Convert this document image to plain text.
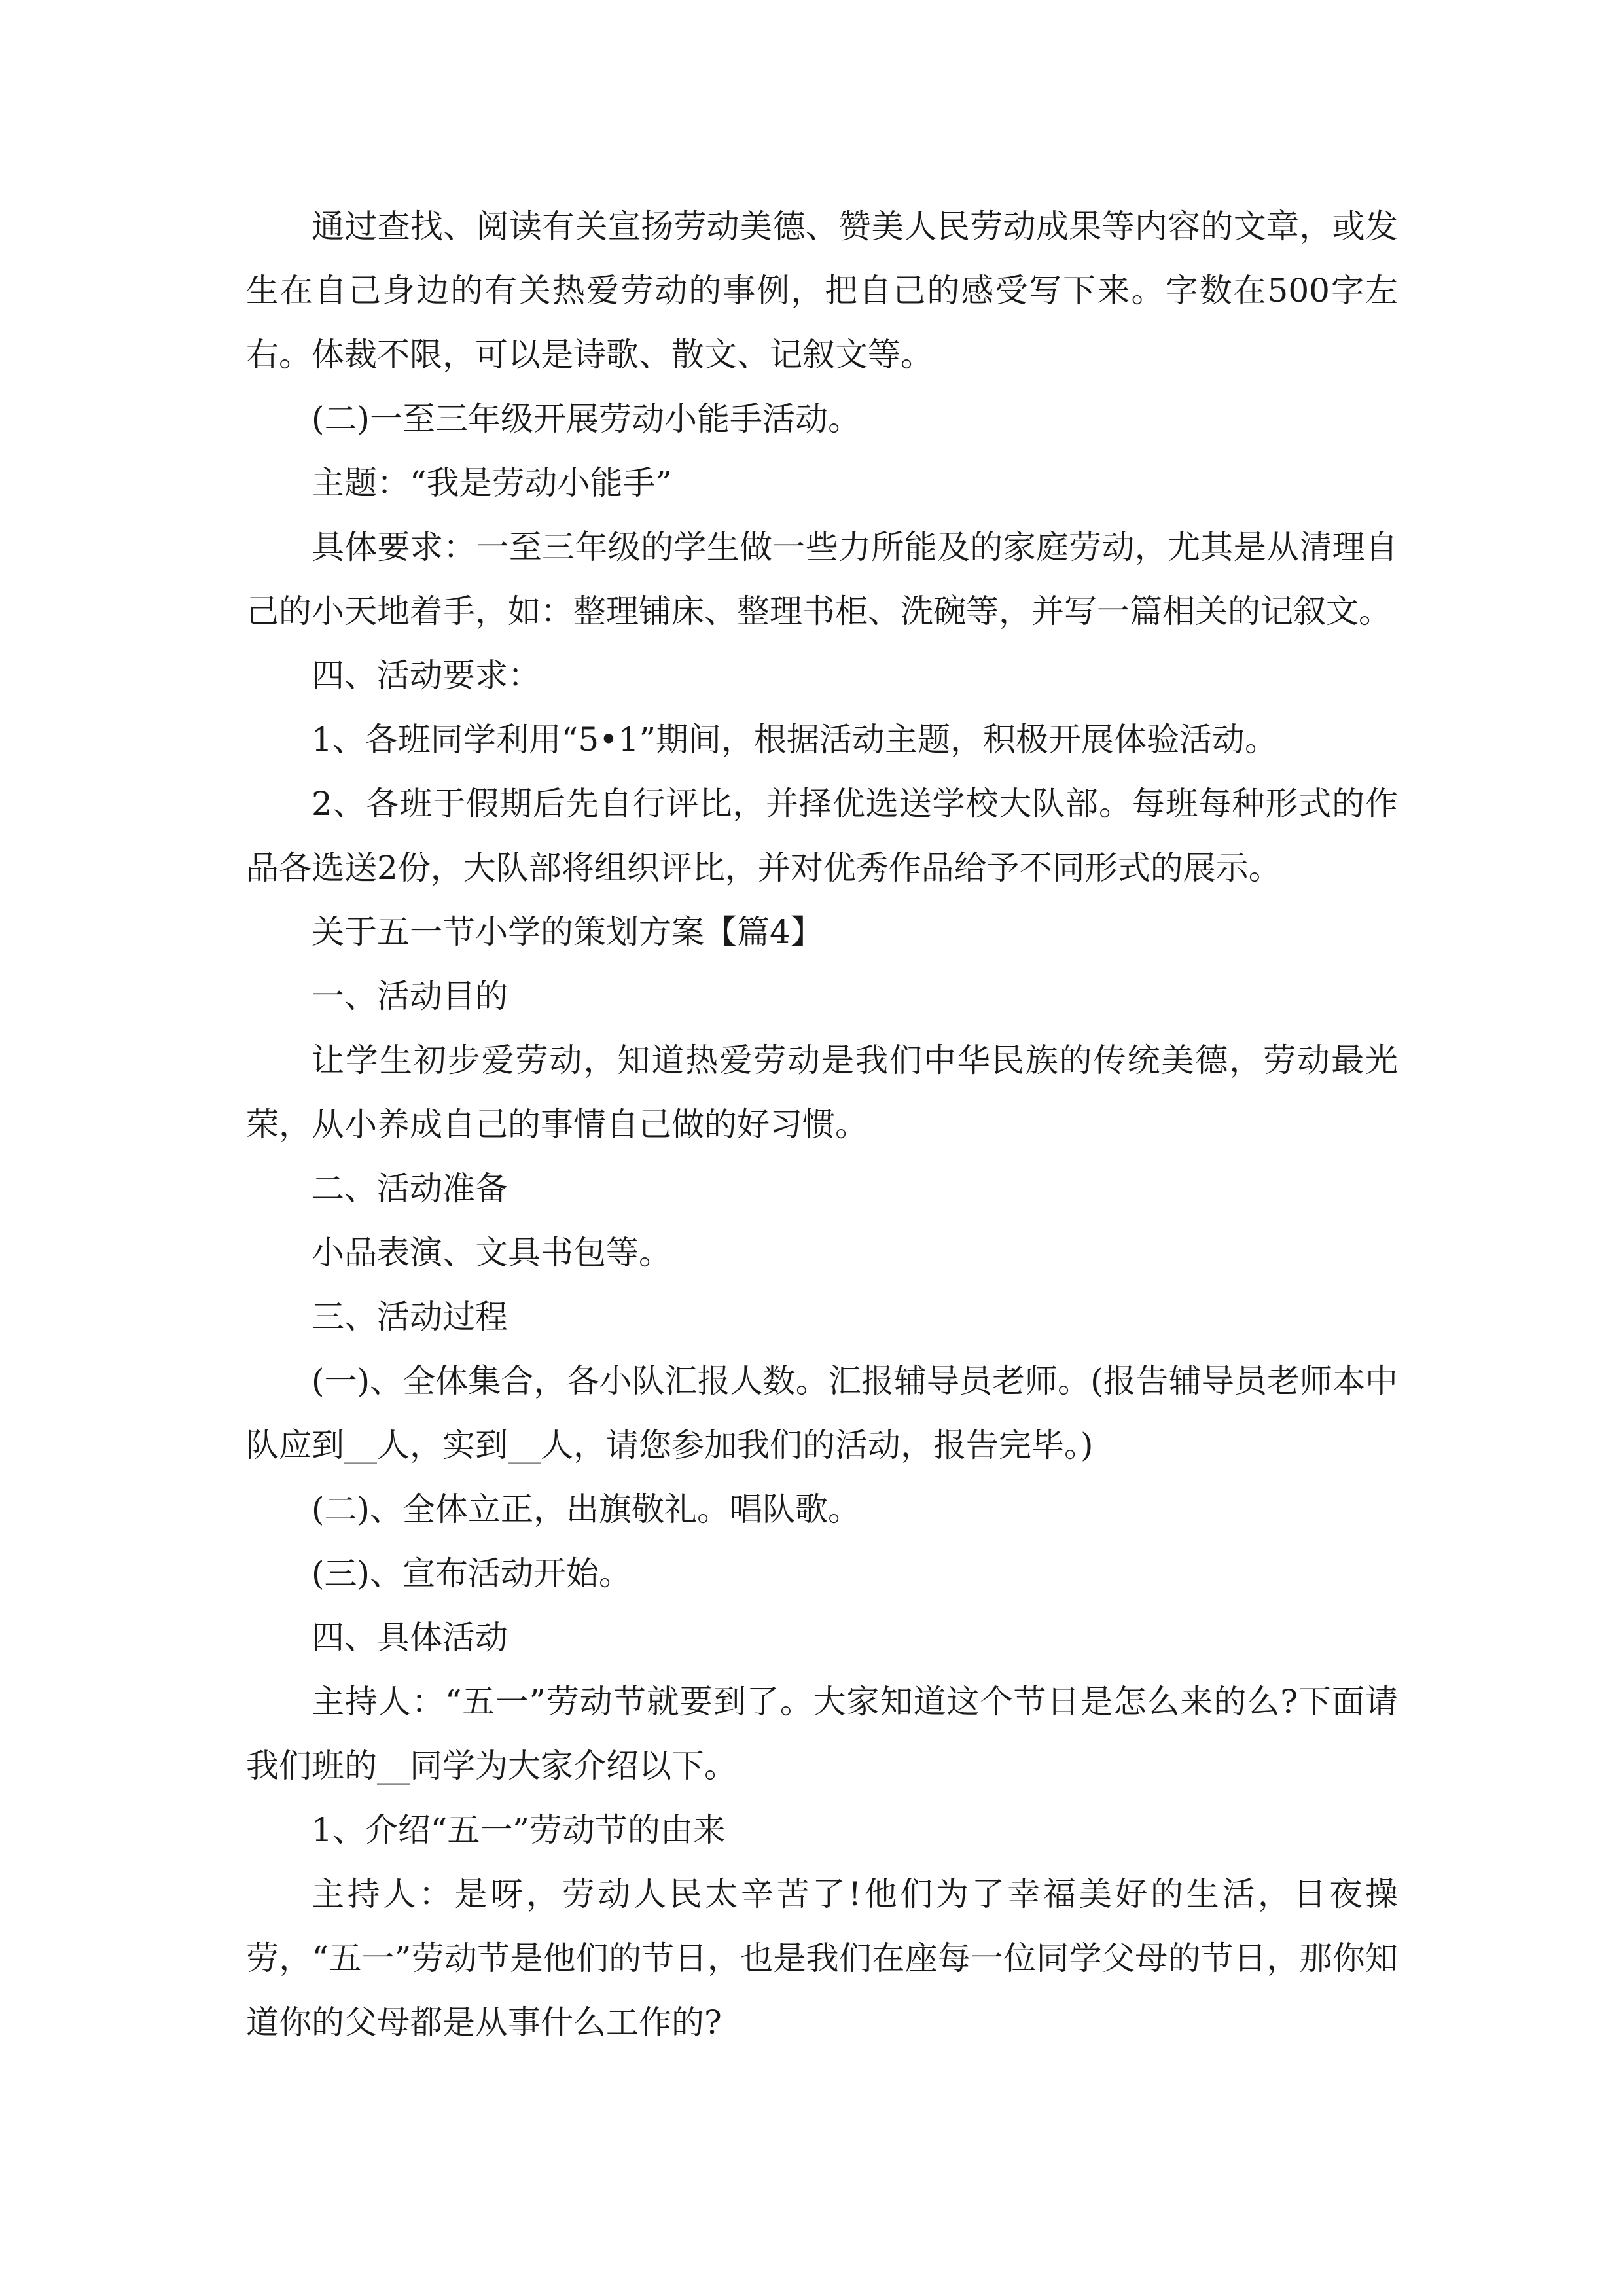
通过查找、阅读有关宣扬劳动美德、赞美人民劳动成果等内容的文章，或发生在自己身边的有关热爱劳动的事例，把自己的感受写下来。字数在500字左右。体裁不限，可以是诗歌、散文、记叙文等。

(二)一至三年级开展劳动小能手活动。

主题：“我是劳动小能手”

具体要求：一至三年级的学生做一些力所能及的家庭劳动，尤其是从清理自己的小天地着手，如：整理铺床、整理书柜、洗碗等，并写一篇相关的记叙文。

四、活动要求：

1、各班同学利用“5•1”期间，根据活动主题，积极开展体验活动。

2、各班于假期后先自行评比，并择优选送学校大队部。每班每种形式的作品各选送2份，大队部将组织评比，并对优秀作品给予不同形式的展示。

关于五一节小学的策划方案【篇4】

一、活动目的

让学生初步爱劳动，知道热爱劳动是我们中华民族的传统美德，劳动最光荣，从小养成自己的事情自己做的好习惯。

二、活动准备

小品表演、文具书包等。

三、活动过程

(一)、全体集合，各小队汇报人数。汇报辅导员老师。(报告辅导员老师本中队应到__人，实到__人，请您参加我们的活动，报告完毕。)

(二)、全体立正，出旗敬礼。唱队歌。

(三)、宣布活动开始。

四、具体活动

主持人：“五一”劳动节就要到了。大家知道这个节日是怎么来的么?下面请我们班的__同学为大家介绍以下。

1、介绍“五一”劳动节的由来

主持人：是呀，劳动人民太辛苦了!他们为了幸福美好的生活，日夜操劳，“五一”劳动节是他们的节日，也是我们在座每一位同学父母的节日，那你知道你的父母都是从事什么工作的?
